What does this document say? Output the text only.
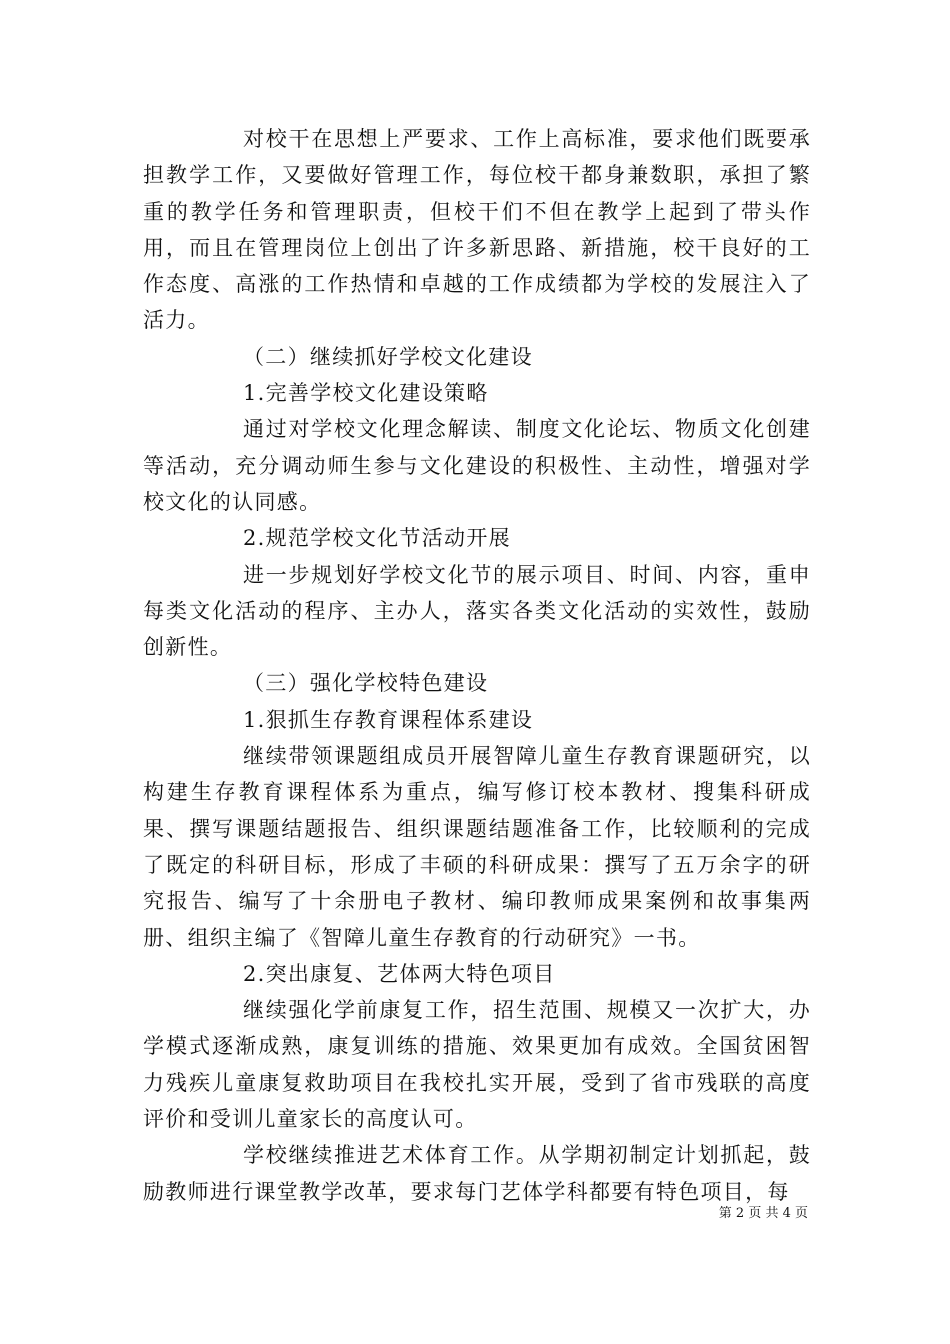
对校干在思想上严要求、工作上高标准，要求他们既要承担教学工作，又要做好管理工作，每位校干都身兼数职，承担了繁重的教学任务和管理职责，但校干们不但在教学上起到了带头作用，而且在管理岗位上创出了许多新思路、新措施，校干良好的工作态度、高涨的工作热情和卓越的工作成绩都为学校的发展注入了活力。

（二）继续抓好学校文化建设

1.完善学校文化建设策略

通过对学校文化理念解读、制度文化论坛、物质文化创建等活动，充分调动师生参与文化建设的积极性、主动性，增强对学校文化的认同感。

2.规范学校文化节活动开展

进一步规划好学校文化节的展示项目、时间、内容，重申每类文化活动的程序、主办人，落实各类文化活动的实效性，鼓励创新性。

（三）强化学校特色建设

1.狠抓生存教育课程体系建设

继续带领课题组成员开展智障儿童生存教育课题研究，以构建生存教育课程体系为重点，编写修订校本教材、搜集科研成果、撰写课题结题报告、组织课题结题准备工作，比较顺利的完成了既定的科研目标，形成了丰硕的科研成果：撰写了五万余字的研究报告、编写了十余册电子教材、编印教师成果案例和故事集两册、组织主编了《智障儿童生存教育的行动研究》一书。

2.突出康复、艺体两大特色项目

继续强化学前康复工作，招生范围、规模又一次扩大，办学模式逐渐成熟，康复训练的措施、效果更加有成效。全国贫困智力残疾儿童康复救助项目在我校扎实开展，受到了省市残联的高度评价和受训儿童家长的高度认可。

学校继续推进艺术体育工作。从学期初制定计划抓起，鼓励教师进行课堂教学改革，要求每门艺体学科都要有特色项目，每

第 2 页 共 4 页
